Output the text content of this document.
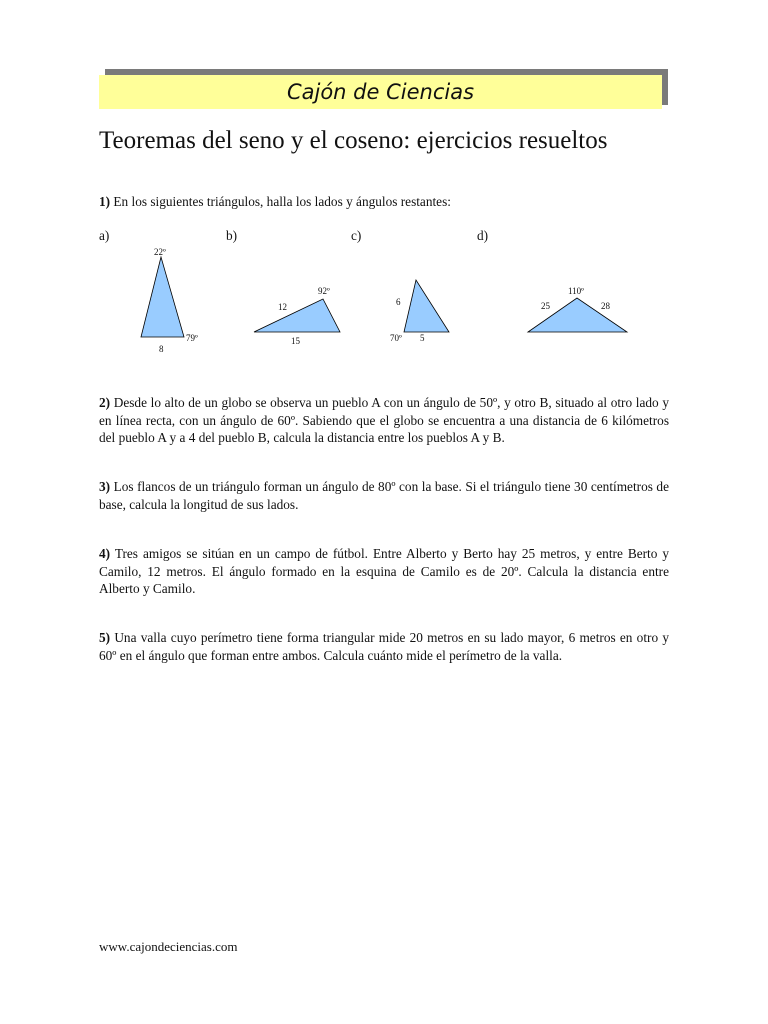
Cajón de Ciencias
Teoremas del seno y el coseno: ejercicios resueltos

1) En los siguientes triángulos, halla los lados y ángulos restantes:

a)	b)	c)	d)
22º
79º
8
92º
12
15
6
70º 5
110º
25	28

2) Desde lo alto de un globo se observa un pueblo A con un ángulo de 50º, y otro B, situado al otro lado y en línea recta, con un ángulo de 60º. Sabiendo que el globo se encuentra a una distancia de 6 kilómetros del pueblo A y a 4 del pueblo B, calcula la distancia entre los pueblos A y B.

3) Los flancos de un triángulo forman un ángulo de 80º con la base. Si el triángulo tiene 30 centímetros de base, calcula la longitud de sus lados.

4) Tres amigos se sitúan en un campo de fútbol. Entre Alberto y Berto hay 25 metros, y entre Berto y Camilo, 12 metros. El ángulo formado en la esquina de Camilo es de 20º. Calcula la distancia entre Alberto y Camilo.

5) Una valla cuyo perímetro tiene forma triangular mide 20 metros en su lado mayor, 6 metros en otro y 60º en el ángulo que forman entre ambos. Calcula cuánto mide el perímetro de la valla.

www.cajondeciencias.com
